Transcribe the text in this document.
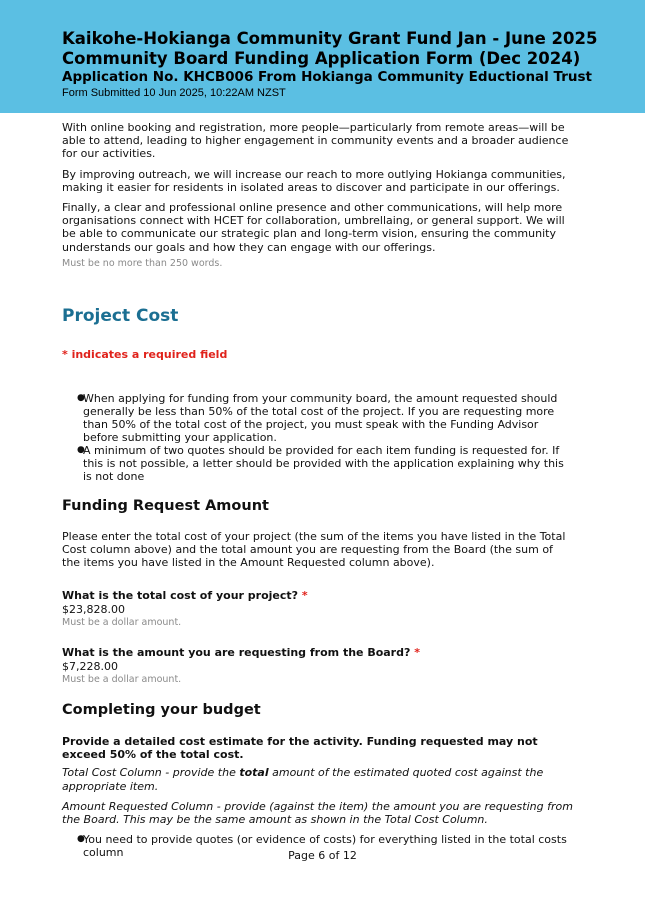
Kaikohe-Hokianga Community Grant Fund Jan - June 2025
Community Board Funding Application Form (Dec 2024)
Application No. KHCB006 From Hokianga Community Eductional Trust
Form Submitted 10 Jun 2025, 10:22AM NZST

With online booking and registration, more people—particularly from remote areas—will be able to attend, leading to higher engagement in community events and a broader audience for our activities.

By improving outreach, we will increase our reach to more outlying Hokianga communities, making it easier for residents in isolated areas to discover and participate in our offerings.

Finally, a clear and professional online presence and other communications, will help more organisations connect with HCET for collaboration, umbrellaing, or general support. We will be able to communicate our strategic plan and long-term vision, ensuring the community understands our goals and how they can engage with our offerings.

Must be no more than 250 words.

Project Cost

* indicates a required field

●
When applying for funding from your community board, the amount requested should generally be less than 50% of the total cost of the project. If you are requesting more than 50% of the total cost of the project, you must speak with the Funding Advisor before submitting your application.
●
A minimum of two quotes should be provided for each item funding is requested for. If this is not possible, a letter should be provided with the application explaining why this is not done
Funding Request Amount

Please enter the total cost of your project (the sum of the items you have listed in the Total Cost column above) and the total amount you are requesting from the Board (the sum of the items you have listed in the Amount Requested column above).

What is the total cost of your project? *

$23,828.00

Must be a dollar amount.

What is the amount you are requesting from the Board? *

$7,228.00

Must be a dollar amount.

Completing your budget

Provide a detailed cost estimate for the activity. Funding requested may not exceed 50% of the total cost.

Total Cost Column - provide the total amount of the estimated quoted cost against the appropriate item.

Amount Requested Column - provide (against the item) the amount you are requesting from the Board. This may be the same amount as shown in the Total Cost Column.

●
You need to provide quotes (or evidence of costs) for everything listed in the total costs column	Page 6 of 12
